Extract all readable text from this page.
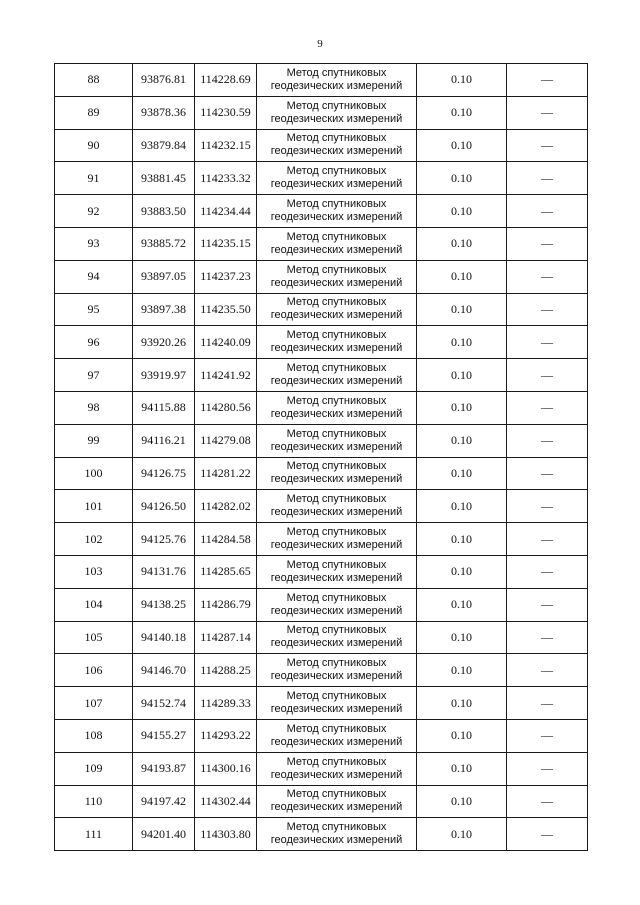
9
88	93876.81	114228.69	Метод спутниковых
геодезических измерений	0.10	—
89	93878.36	114230.59	Метод спутниковых
геодезических измерений	0.10	—
90	93879.84	114232.15	Метод спутниковых
геодезических измерений	0.10	—
91	93881.45	114233.32	Метод спутниковых
геодезических измерений	0.10	—
92	93883.50	114234.44	Метод спутниковых
геодезических измерений	0.10	—
93	93885.72	114235.15	Метод спутниковых
геодезических измерений	0.10	—
94	93897.05	114237.23	Метод спутниковых
геодезических измерений	0.10	—
95	93897.38	114235.50	Метод спутниковых
геодезических измерений	0.10	—
96	93920.26	114240.09	Метод спутниковых
геодезических измерений	0.10	—
97	93919.97	114241.92	Метод спутниковых
геодезических измерений	0.10	—
98	94115.88	114280.56	Метод спутниковых
геодезических измерений	0.10	—
99	94116.21	114279.08	Метод спутниковых
геодезических измерений	0.10	—
100	94126.75	114281.22	Метод спутниковых
геодезических измерений	0.10	—
101	94126.50	114282.02	Метод спутниковых
геодезических измерений	0.10	—
102	94125.76	114284.58	Метод спутниковых
геодезических измерений	0.10	—
103	94131.76	114285.65	Метод спутниковых
геодезических измерений	0.10	—
104	94138.25	114286.79	Метод спутниковых
геодезических измерений	0.10	—
105	94140.18	114287.14	Метод спутниковых
геодезических измерений	0.10	—
106	94146.70	114288.25	Метод спутниковых
геодезических измерений	0.10	—
107	94152.74	114289.33	Метод спутниковых
геодезических измерений	0.10	—
108	94155.27	114293.22	Метод спутниковых
геодезических измерений	0.10	—
109	94193.87	114300.16	Метод спутниковых
геодезических измерений	0.10	—
110	94197.42	114302.44	Метод спутниковых
геодезических измерений	0.10	—
111	94201.40	114303.80	Метод спутниковых
геодезических измерений	0.10	—
